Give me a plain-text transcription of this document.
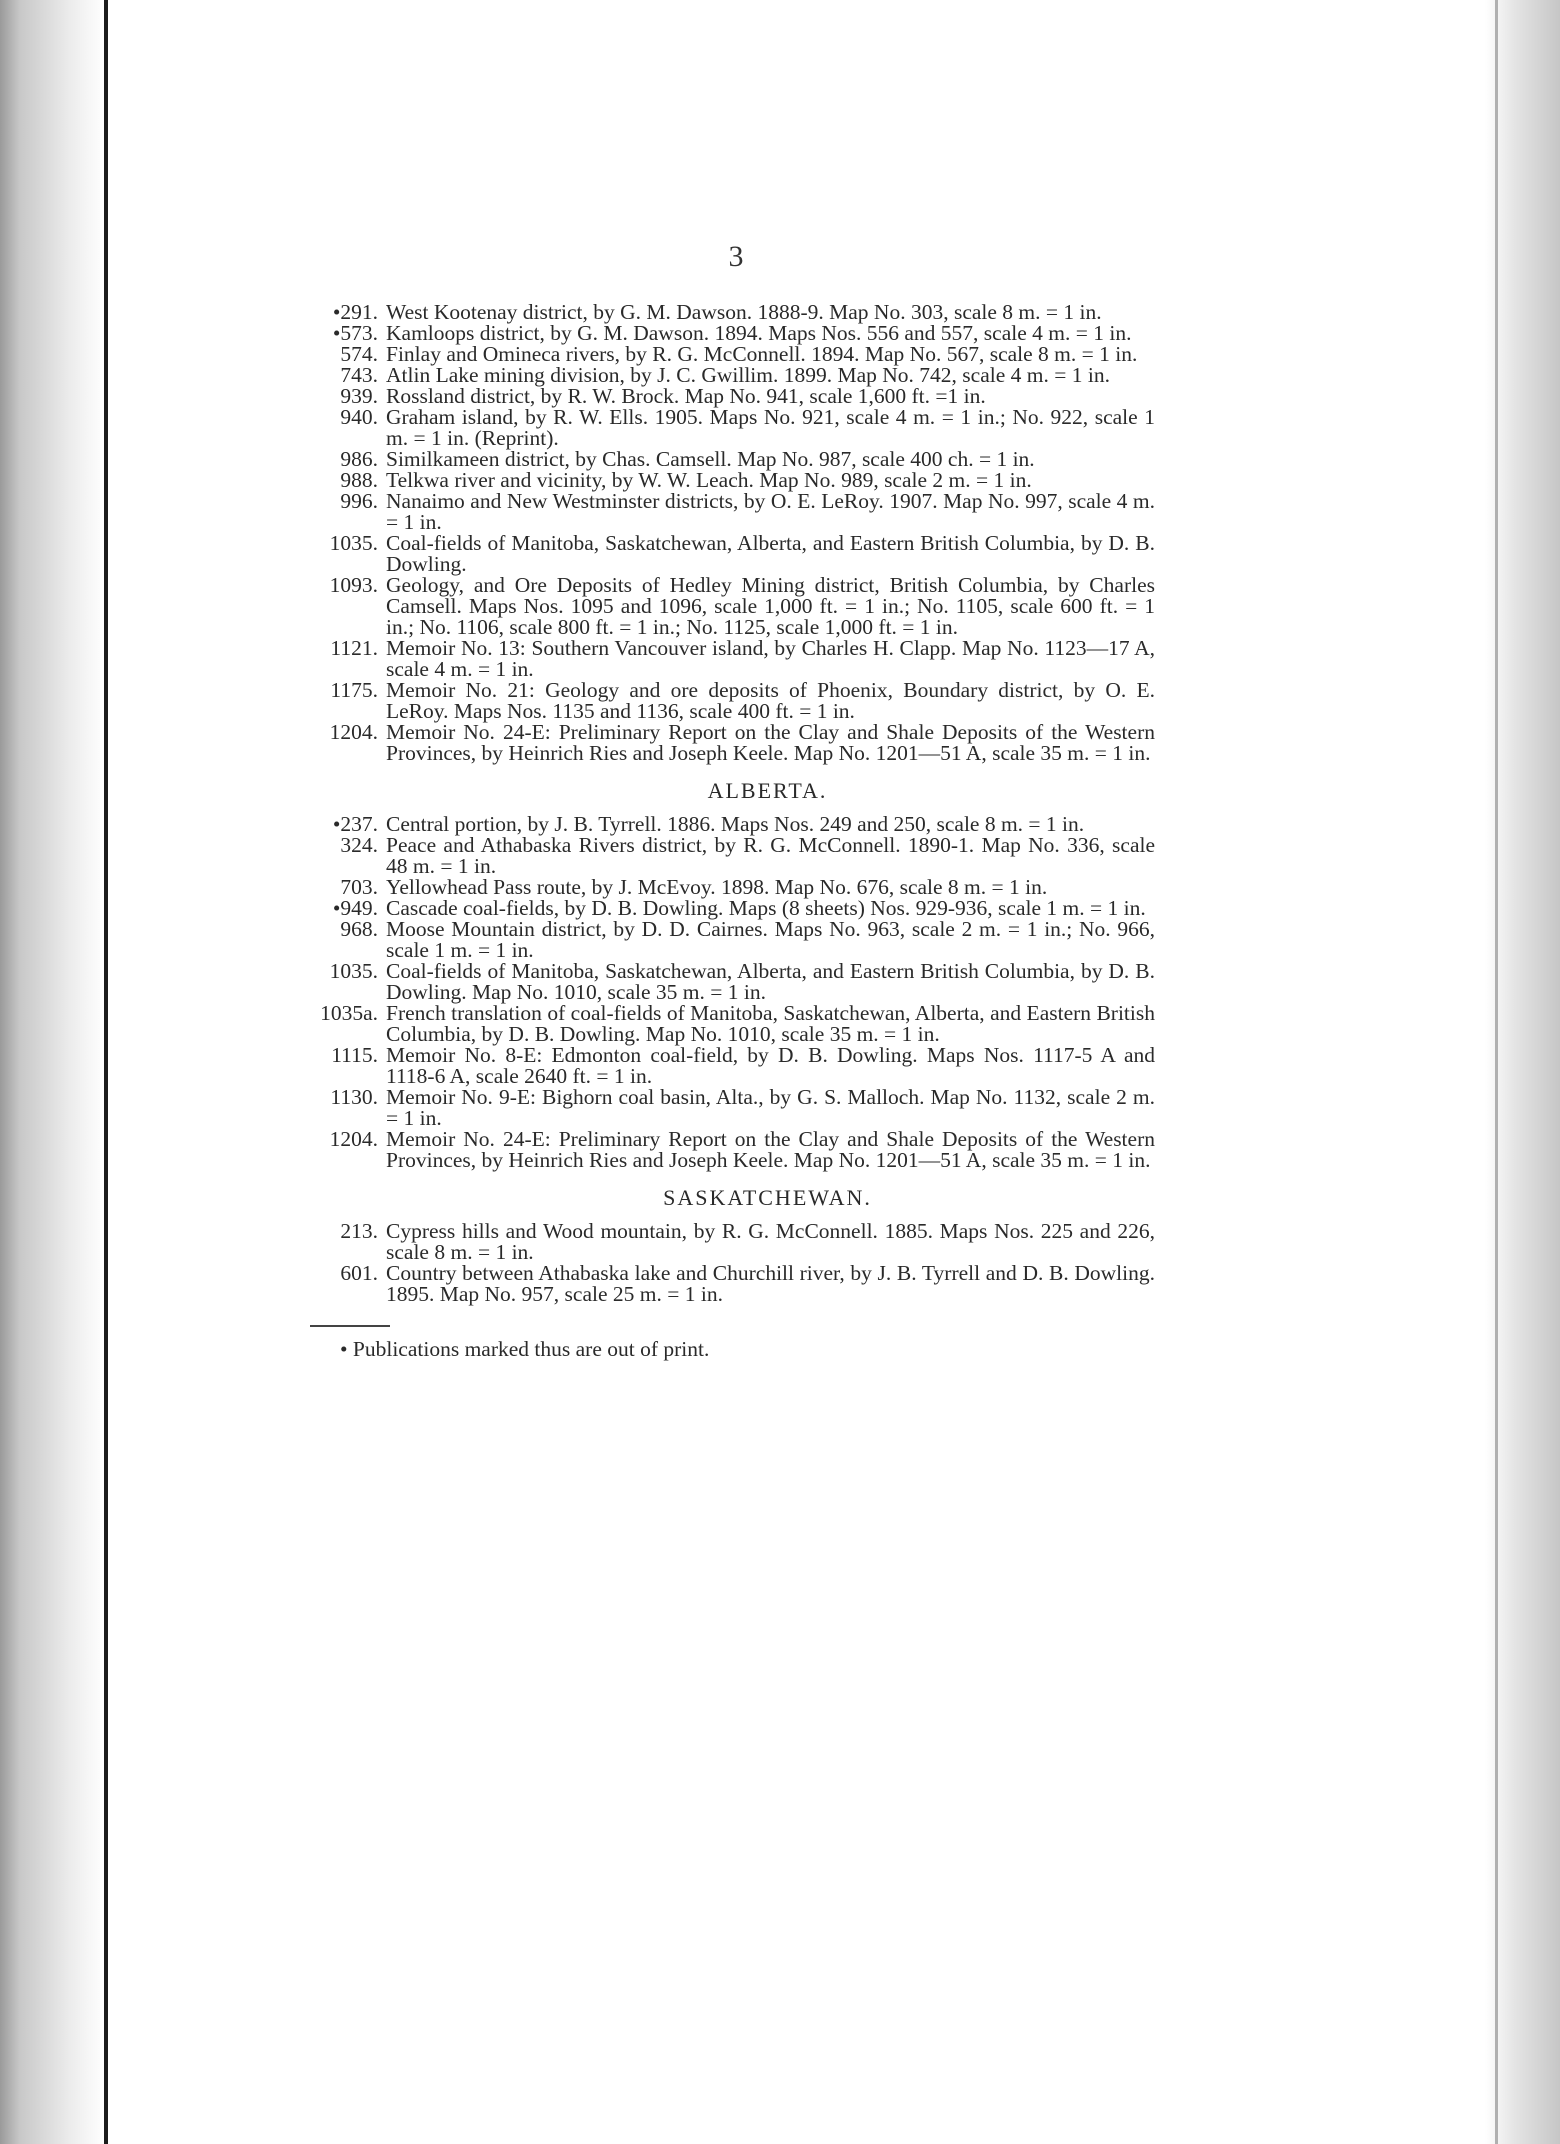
3
•291. West Kootenay district, by G. M. Dawson. 1888-9. Map No. 303, scale 8 m. = 1 in.
•573. Kamloops district, by G. M. Dawson. 1894. Maps Nos. 556 and 557, scale 4 m. = 1 in.
574. Finlay and Omineca rivers, by R. G. McConnell. 1894. Map No. 567, scale 8 m. = 1 in.
743. Atlin Lake mining division, by J. C. Gwillim. 1899. Map No. 742, scale 4 m. = 1 in.
939. Rossland district, by R. W. Brock. Map No. 941, scale 1,600 ft. =1 in.
940. Graham island, by R. W. Ells. 1905. Maps No. 921, scale 4 m. = 1 in.; No. 922, scale 1 m. = 1 in. (Reprint).
986. Similkameen district, by Chas. Camsell. Map No. 987, scale 400 ch. = 1 in.
988. Telkwa river and vicinity, by W. W. Leach. Map No. 989, scale 2 m. = 1 in.
996. Nanaimo and New Westminster districts, by O. E. LeRoy. 1907. Map No. 997, scale 4 m. = 1 in.
1035. Coal-fields of Manitoba, Saskatchewan, Alberta, and Eastern British Columbia, by D. B. Dowling.
1093. Geology, and Ore Deposits of Hedley Mining district, British Columbia, by Charles Camsell. Maps Nos. 1095 and 1096, scale 1,000 ft. = 1 in.; No. 1105, scale 600 ft. = 1 in.; No. 1106, scale 800 ft. = 1 in.; No. 1125, scale 1,000 ft. = 1 in.
1121. Memoir No. 13: Southern Vancouver island, by Charles H. Clapp. Map No. 1123—17 A, scale 4 m. = 1 in.
1175. Memoir No. 21: Geology and ore deposits of Phoenix, Boundary district, by O. E. LeRoy. Maps Nos. 1135 and 1136, scale 400 ft. = 1 in.
1204. Memoir No. 24-E: Preliminary Report on the Clay and Shale Deposits of the Western Provinces, by Heinrich Ries and Joseph Keele. Map No. 1201—51 A, scale 35 m. = 1 in.
ALBERTA.
•237. Central portion, by J. B. Tyrrell. 1886. Maps Nos. 249 and 250, scale 8 m. = 1 in.
324. Peace and Athabaska Rivers district, by R. G. McConnell. 1890-1. Map No. 336, scale 48 m. = 1 in.
703. Yellowhead Pass route, by J. McEvoy. 1898. Map No. 676, scale 8 m. = 1 in.
•949. Cascade coal-fields, by D. B. Dowling. Maps (8 sheets) Nos. 929-936, scale 1 m. = 1 in.
968. Moose Mountain district, by D. D. Cairnes. Maps No. 963, scale 2 m. = 1 in.; No. 966, scale 1 m. = 1 in.
1035. Coal-fields of Manitoba, Saskatchewan, Alberta, and Eastern British Columbia, by D. B. Dowling. Map No. 1010, scale 35 m. = 1 in.
1035a. French translation of coal-fields of Manitoba, Saskatchewan, Alberta, and Eastern British Columbia, by D. B. Dowling. Map No. 1010, scale 35 m. = 1 in.
1115. Memoir No. 8-E: Edmonton coal-field, by D. B. Dowling. Maps Nos. 1117-5 A and 1118-6 A, scale 2640 ft. = 1 in.
1130. Memoir No. 9-E: Bighorn coal basin, Alta., by G. S. Malloch. Map No. 1132, scale 2 m. = 1 in.
1204. Memoir No. 24-E: Preliminary Report on the Clay and Shale Deposits of the Western Provinces, by Heinrich Ries and Joseph Keele. Map No. 1201—51 A, scale 35 m. = 1 in.
SASKATCHEWAN.
213. Cypress hills and Wood mountain, by R. G. McConnell. 1885. Maps Nos. 225 and 226, scale 8 m. = 1 in.
601. Country between Athabaska lake and Churchill river, by J. B. Tyrrell and D. B. Dowling. 1895. Map No. 957, scale 25 m. = 1 in.
• Publications marked thus are out of print.
